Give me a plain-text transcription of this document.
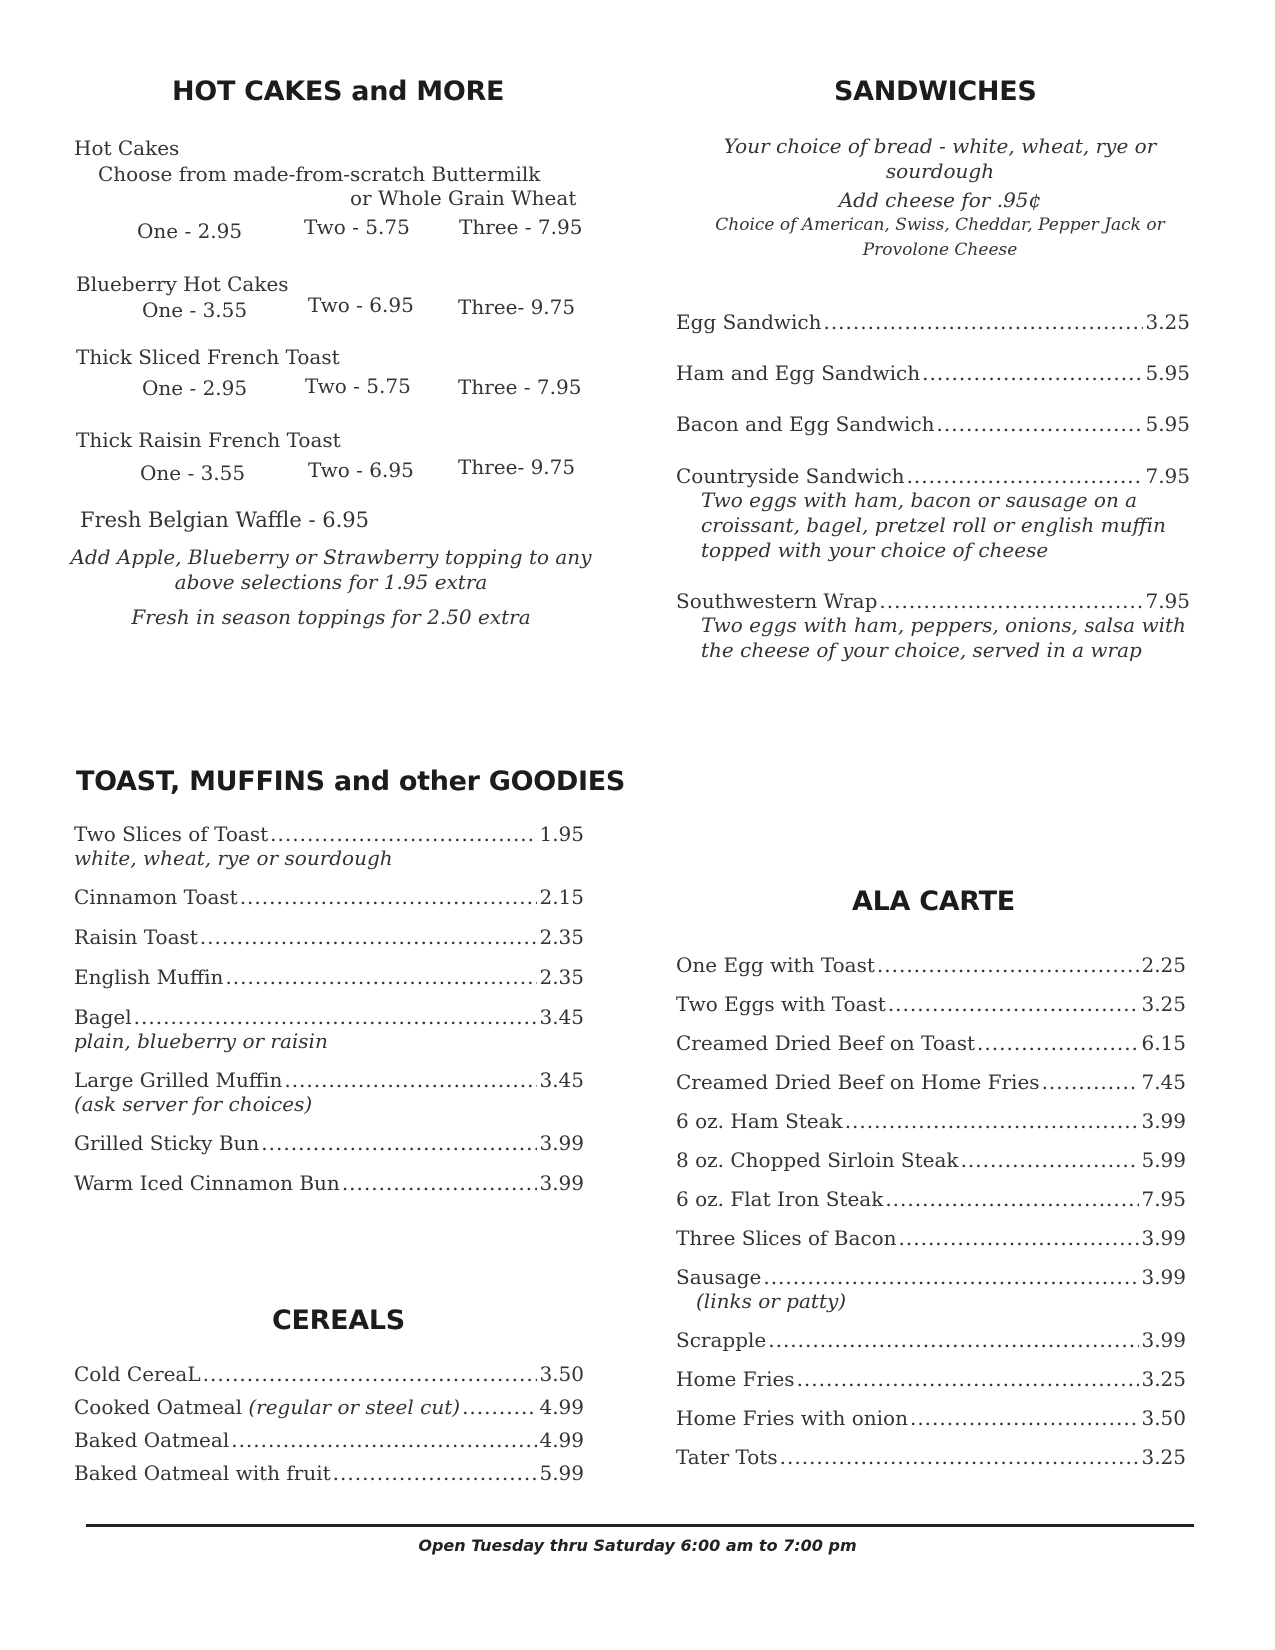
HOT CAKES and MORE
Hot Cakes
Choose from made-from-scratch Buttermilk
or Whole Grain Wheat
One - 2.95	Two - 5.75 Three - 7.95
Blueberry Hot Cakes
One - 3.55	Two - 6.95 Three- 9.75
Thick Sliced French Toast
One - 2.95	Two - 5.75 Three - 7.95
Thick Raisin French Toast
One - 3.55	Two - 6.95 Three- 9.75
Fresh Belgian Waffle - 6.95
Add Apple, Blueberry or Strawberry topping to any
above selections for 1.95 extra
Fresh in season toppings for 2.50 extra
SANDWICHES
Your choice of bread - white, wheat, rye or
sourdough
Add cheese for .95¢
Choice of American, Swiss, Cheddar, Pepper Jack or
Provolone Cheese
Egg Sandwich .....	3.25
Ham and Egg Sandwich .....	5.95
Bacon and Egg Sandwich .....	5.95
Countryside Sandwich .....	7.95
Two eggs with ham, bacon or sausage on a
croissant, bagel, pretzel roll or english muffin
topped with your choice of cheese
Southwestern Wrap .....	7.95
Two eggs with ham, peppers, onions, salsa with
the cheese of your choice, served in a wrap
TOAST, MUFFINS and other GOODIES
Two Slices of Toast .....	1.95
white, wheat, rye or sourdough
Cinnamon Toast .....	2.15
Raisin Toast .....	2.35
English Muffin .....	2.35
Bagel .....	3.45
plain, blueberry or raisin
Large Grilled Muffin .....	3.45
(ask server for choices)
Grilled Sticky Bun .....	3.99
Warm Iced Cinnamon Bun .....	3.99
CEREALS
Cold CereaL .....	3.50
Cooked Oatmeal
(regular or steel cut) .....	4.99
Baked Oatmeal .....	4.99
Baked Oatmeal with fruit .....	5.99
ALA CARTE
One Egg with Toast .....	2.25
Two Eggs with Toast .....	3.25
Creamed Dried Beef on Toast .....	6.15
Creamed Dried Beef on Home Fries .....	7.45
6 oz. Ham Steak .....	3.99
8 oz. Chopped Sirloin Steak .....	5.99
6 oz. Flat Iron Steak .....	7.95
Three Slices of Bacon .....	3.99
Sausage .....	3.99
(links or patty)
Scrapple .....	3.99
Home Fries .....	3.25
Home Fries with onion .....	3.50
Tater Tots .....	3.25
Open Tuesday thru Saturday 6:00 am to 7:00 pm
